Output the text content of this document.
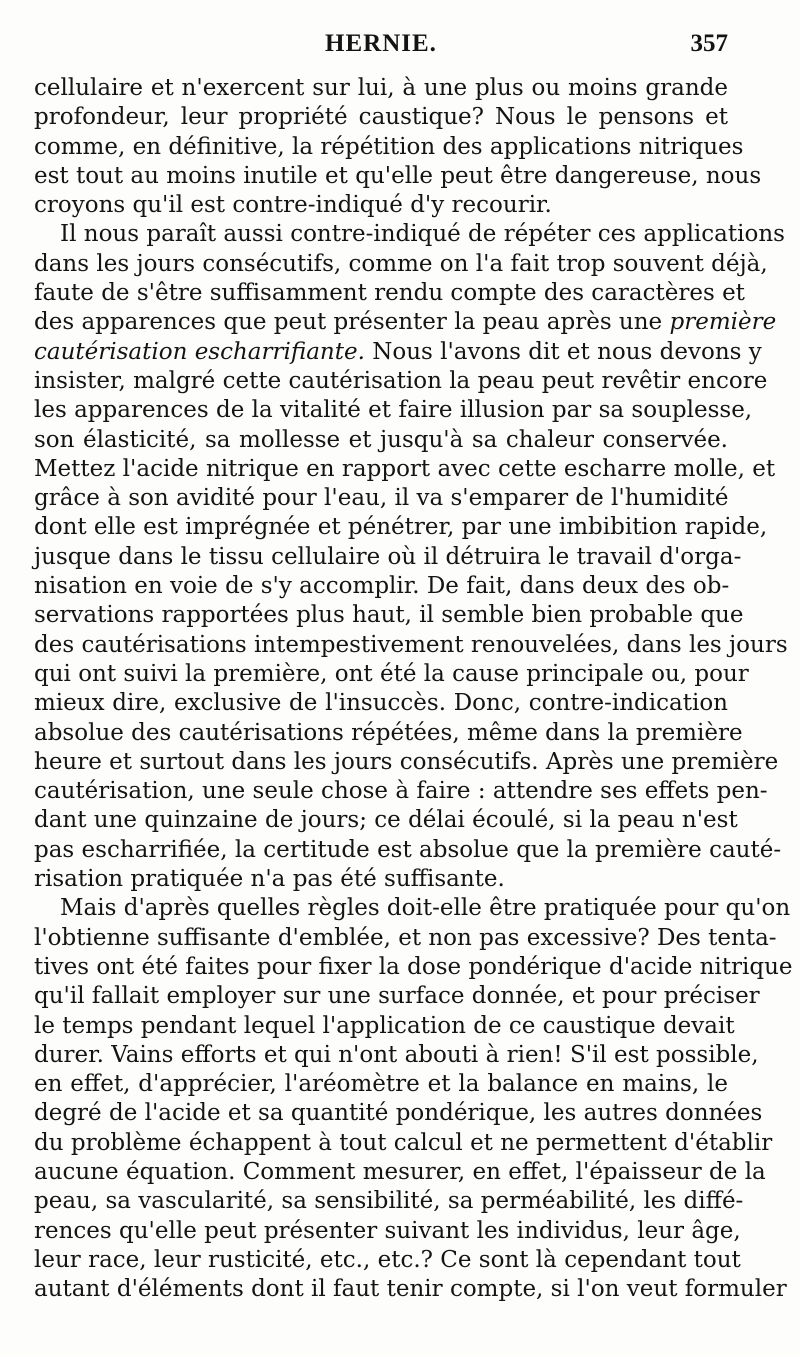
HERNIE.	357
cellulaire et n'exercent sur lui, à une plus ou moins grande
profondeur, leur propriété caustique? Nous le pensons et
comme, en définitive, la répétition des applications nitriques
est tout au moins inutile et qu'elle peut être dangereuse, nous
croyons qu'il est contre-indiqué d'y recourir.
Il nous paraît aussi contre-indiqué de répéter ces applications
dans les jours consécutifs, comme on l'a fait trop souvent déjà,
faute de s'être suffisamment rendu compte des caractères et
des apparences que peut présenter la peau après une première
cautérisation escharrifiante. Nous l'avons dit et nous devons y
insister, malgré cette cautérisation la peau peut revêtir encore
les apparences de la vitalité et faire illusion par sa souplesse,
son élasticité, sa mollesse et jusqu'à sa chaleur conservée.
Mettez l'acide nitrique en rapport avec cette escharre molle, et
grâce à son avidité pour l'eau, il va s'emparer de l'humidité
dont elle est imprégnée et pénétrer, par une imbibition rapide,
jusque dans le tissu cellulaire où il détruira le travail d'orga-
nisation en voie de s'y accomplir. De fait, dans deux des ob-
servations rapportées plus haut, il semble bien probable que
des cautérisations intempestivement renouvelées, dans les jours
qui ont suivi la première, ont été la cause principale ou, pour
mieux dire, exclusive de l'insuccès. Donc, contre-indication
absolue des cautérisations répétées, même dans la première
heure et surtout dans les jours consécutifs. Après une première
cautérisation, une seule chose à faire : attendre ses effets pen-
dant une quinzaine de jours; ce délai écoulé, si la peau n'est
pas escharrifiée, la certitude est absolue que la première cauté-
risation pratiquée n'a pas été suffisante.
Mais d'après quelles règles doit-elle être pratiquée pour qu'on
l'obtienne suffisante d'emblée, et non pas excessive? Des tenta-
tives ont été faites pour fixer la dose pondérique d'acide nitrique
qu'il fallait employer sur une surface donnée, et pour préciser
le temps pendant lequel l'application de ce caustique devait
durer. Vains efforts et qui n'ont abouti à rien! S'il est possible,
en effet, d'apprécier, l'aréomètre et la balance en mains, le
degré de l'acide et sa quantité pondérique, les autres données
du problème échappent à tout calcul et ne permettent d'établir
aucune équation. Comment mesurer, en effet, l'épaisseur de la
peau, sa vascularité, sa sensibilité, sa perméabilité, les diffé-
rences qu'elle peut présenter suivant les individus, leur âge,
leur race, leur rusticité, etc., etc.? Ce sont là cependant tout
autant d'éléments dont il faut tenir compte, si l'on veut formuler
